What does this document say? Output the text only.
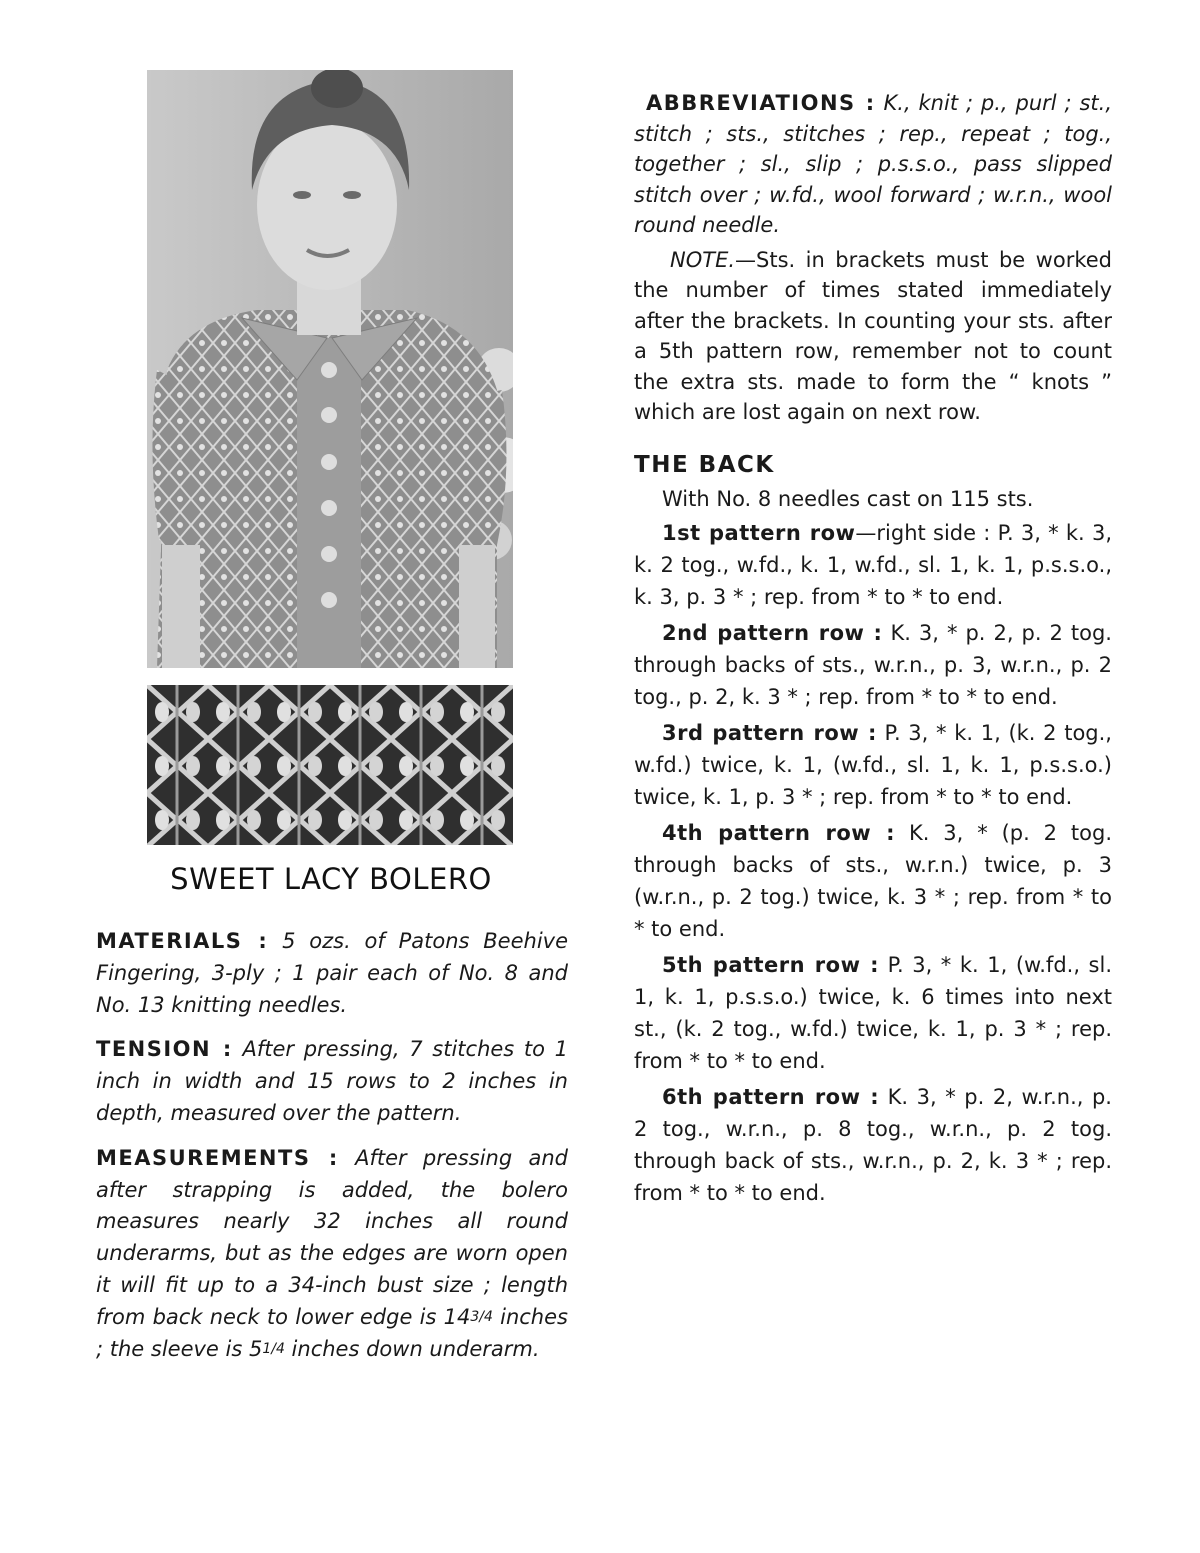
SWEET LACY BOLERO

MATERIALS : 5 ozs. of Patons Beehive Fingering, 3-ply ; 1 pair each of No. 8 and No. 13 knitting needles.

TENSION : After pressing, 7 stitches to 1 inch in width and 15 rows to 2 inches in depth, measured over the pattern.

MEASUREMENTS : After pressing and after strapping is added, the bolero measures nearly 32 inches all round underarms, but as the edges are worn open it will fit up to a 34-inch bust size ; length from back neck to lower edge is 143/4 inches ; the sleeve is 51/4 inches down underarm.

ABBREVIATIONS : K., knit ; p., purl ; st., stitch ; sts., stitches ; rep., repeat ; tog., together ; sl., slip ; p.s.s.o., pass slipped stitch over ; w.fd., wool forward ; w.r.n., wool round needle.

NOTE.—Sts. in brackets must be worked the number of times stated immediately after the brackets. In counting your sts. after a 5th pattern row, remember not to count the extra sts. made to form the “ knots ” which are lost again on next row.

THE BACK

With No. 8 needles cast on 115 sts.

1st pattern row—right side : P. 3, * k. 3, k. 2 tog., w.fd., k. 1, w.fd., sl. 1, k. 1, p.s.s.o., k. 3, p. 3 * ; rep. from * to * to end.

2nd pattern row : K. 3, * p. 2, p. 2 tog. through backs of sts., w.r.n., p. 3, w.r.n., p. 2 tog., p. 2, k. 3 * ; rep. from * to * to end.

3rd pattern row : P. 3, * k. 1, (k. 2 tog., w.fd.) twice, k. 1, (w.fd., sl. 1, k. 1, p.s.s.o.) twice, k. 1, p. 3 * ; rep. from * to * to end.

4th pattern row : K. 3, * (p. 2 tog. through backs of sts., w.r.n.) twice, p. 3 (w.r.n., p. 2 tog.) twice, k. 3 * ; rep. from * to * to end.

5th pattern row : P. 3, * k. 1, (w.fd., sl. 1, k. 1, p.s.s.o.) twice, k. 6 times into next st., (k. 2 tog., w.fd.) twice, k. 1, p. 3 * ; rep. from * to * to end.

6th pattern row : K. 3, * p. 2, w.r.n., p. 2 tog., w.r.n., p. 8 tog., w.r.n., p. 2 tog. through back of sts., w.r.n., p. 2, k. 3 * ; rep. from * to * to end.
